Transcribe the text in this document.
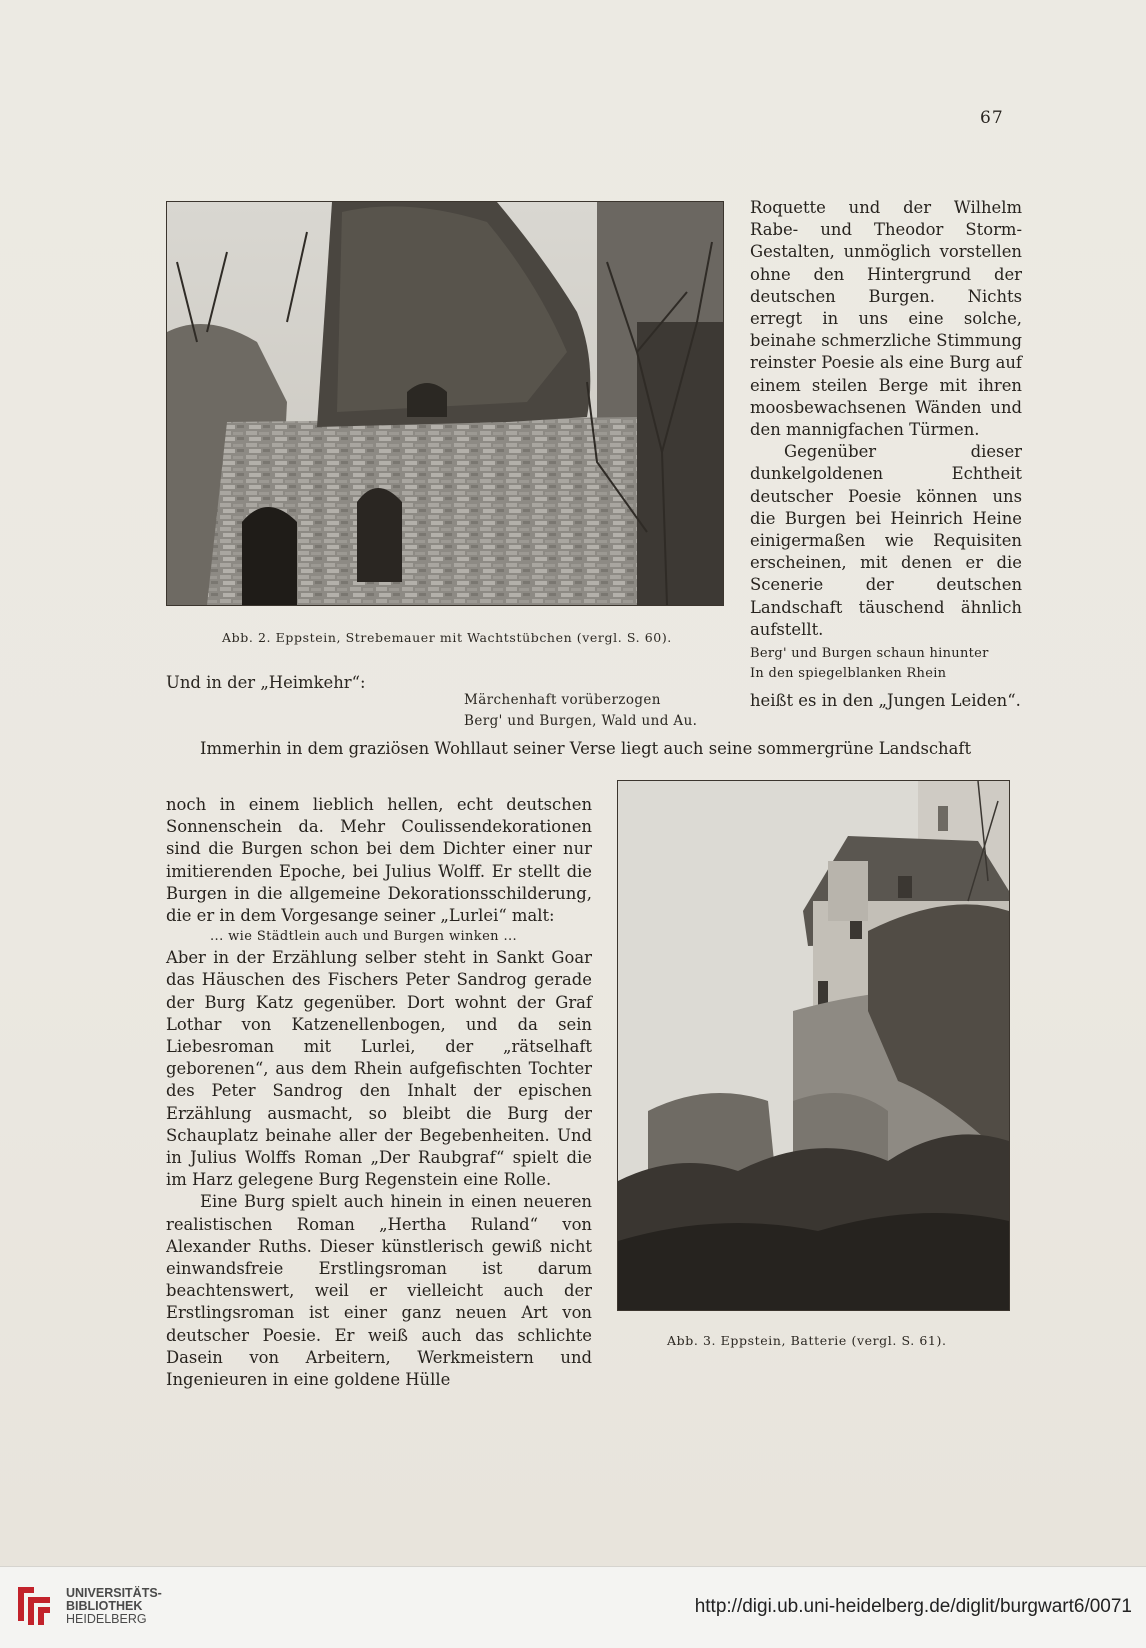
67
Abb. 2. Eppstein, Strebemauer mit Wachtstübchen (vergl. S. 60).

Roquette und der Wilhelm Rabe- und Theodor Storm-Gestalten, unmöglich vorstellen ohne den Hintergrund der deutschen Burgen. Nichts erregt in uns eine solche, beinahe schmerzliche Stimmung reinster Poesie als eine Burg auf einem steilen Berge mit ihren moosbewachsenen Wänden und den mannigfachen Türmen.

Gegenüber dieser dunkelgoldenen Echtheit deutscher Poesie können uns die Burgen bei Heinrich Heine einigermaßen wie Requisiten erscheinen, mit denen er die Scenerie der deutschen Landschaft täuschend ähnlich aufstellt.

Berg' und Burgen schaun hinunter
In den spiegelblanken Rhein
heißt es in den „Jungen Leiden“.
Und in der „Heimkehr“:
Märchenhaft vorüberzogen
Berg' und Burgen, Wald und Au.

Immerhin in dem graziösen Wohllaut seiner Verse liegt auch seine sommergrüne Landschaft

noch in einem lieblich hellen, echt deutschen Sonnenschein da. Mehr Coulissendekorationen sind die Burgen schon bei dem Dichter einer nur imitierenden Epoche, bei Julius Wolff. Er stellt die Burgen in die allgemeine Dekorationsschilderung, die er in dem Vorgesange seiner „Lurlei“ malt:

... wie Städtlein auch und Burgen winken ...

Aber in der Erzählung selber steht in Sankt Goar das Häuschen des Fischers Peter Sandrog gerade der Burg Katz gegenüber. Dort wohnt der Graf Lothar von Katzenellenbogen, und da sein Liebesroman mit Lurlei, der „rätselhaft geborenen“, aus dem Rhein aufgefischten Tochter des Peter Sandrog den Inhalt der epischen Erzählung ausmacht, so bleibt die Burg der Schauplatz beinahe aller der Begebenheiten. Und in Julius Wolffs Roman „Der Raubgraf“ spielt die im Harz gelegene Burg Regenstein eine Rolle.

Eine Burg spielt auch hinein in einen neueren realistischen Roman „Hertha Ruland“ von Alexander Ruths. Dieser künstlerisch gewiß nicht einwandsfreie Erstlingsroman ist darum beachtenswert, weil er vielleicht auch der Erstlingsroman ist einer ganz neuen Art von deutscher Poesie. Er weiß auch das schlichte Dasein von Arbeitern, Werkmeistern und Ingenieuren in eine goldene Hülle

Abb. 3. Eppstein, Batterie (vergl. S. 61).
UNIVERSITÄTS-
BIBLIOTHEK
HEIDELBERG
http://digi.ub.uni-heidelberg.de/diglit/burgwart6/0071
